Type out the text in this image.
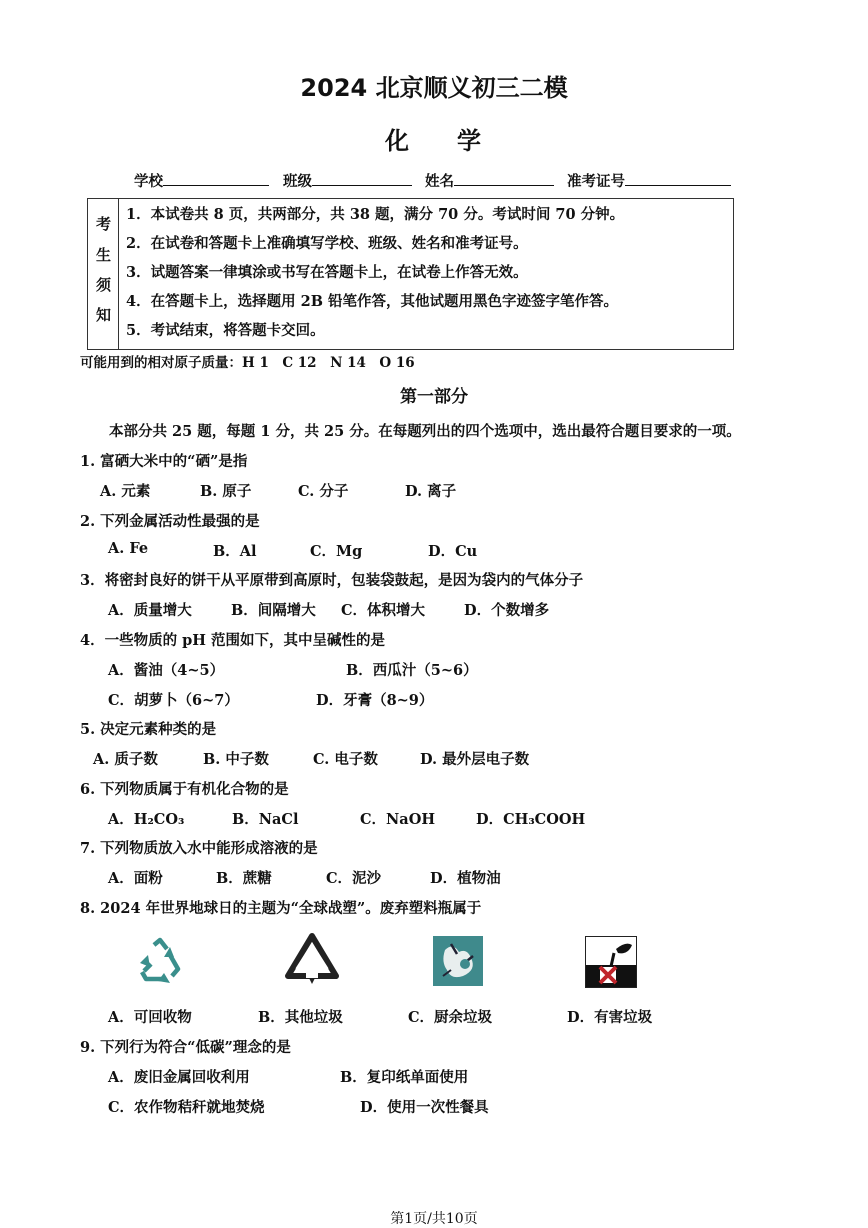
2024 北京顺义初三二模
化学
学校	班级	姓名	准考证号
考
生
须
知
1．本试卷共 8 页，共两部分，共 38 题，满分 70 分。考试时间 70 分钟。
2．在试卷和答题卡上准确填写学校、班级、姓名和准考证号。
3．试题答案一律填涂或书写在答题卡上，在试卷上作答无效。
4．在答题卡上，选择题用 2B 铅笔作答，其他试题用黑色字迹签字笔作答。
5．考试结束，将答题卡交回。
可能用到的相对原子质量：H 1　C 12　N 14　O 16
第一部分
本部分共 25 题，每题 1 分，共 25 分。在每题列出的四个选项中，选出最符合题目要求的一项。
1. 富硒大米中的“硒”是指
A. 元素	B. 原子	C. 分子	D. 离子
2. 下列金属活动性最强的是
A. Fe	B．Al	C．Mg	D．Cu
3．将密封良好的饼干从平原带到高原时，包装袋鼓起，是因为袋内的气体分子
A．质量增大	B．间隔增大 C．体积增大	D．个数增多
4．一些物质的 pH 范围如下，其中呈碱性的是
A．酱油（4~5）	B．西瓜汁（5~6）
C．胡萝卜（6~7）	D．牙膏（8~9）
5. 决定元素种类的是
A. 质子数	B. 中子数	C. 电子数	D. 最外层电子数
6. 下列物质属于有机化合物的是
A．H₂CO₃	B．NaCl	C．NaOH	D．CH₃COOH
7. 下列物质放入水中能形成溶液的是
A．面粉	B．蔗糖	C．泥沙	D．植物油
8. 2024 年世界地球日的主题为“全球战塑”。废弃塑料瓶属于
A．可回收物	B．其他垃圾	C．厨余垃圾	D．有害垃圾
9. 下列行为符合“低碳”理念的是
A．废旧金属回收利用	B．复印纸单面使用
C．农作物秸秆就地焚烧	D．使用一次性餐具
第1页/共10页
